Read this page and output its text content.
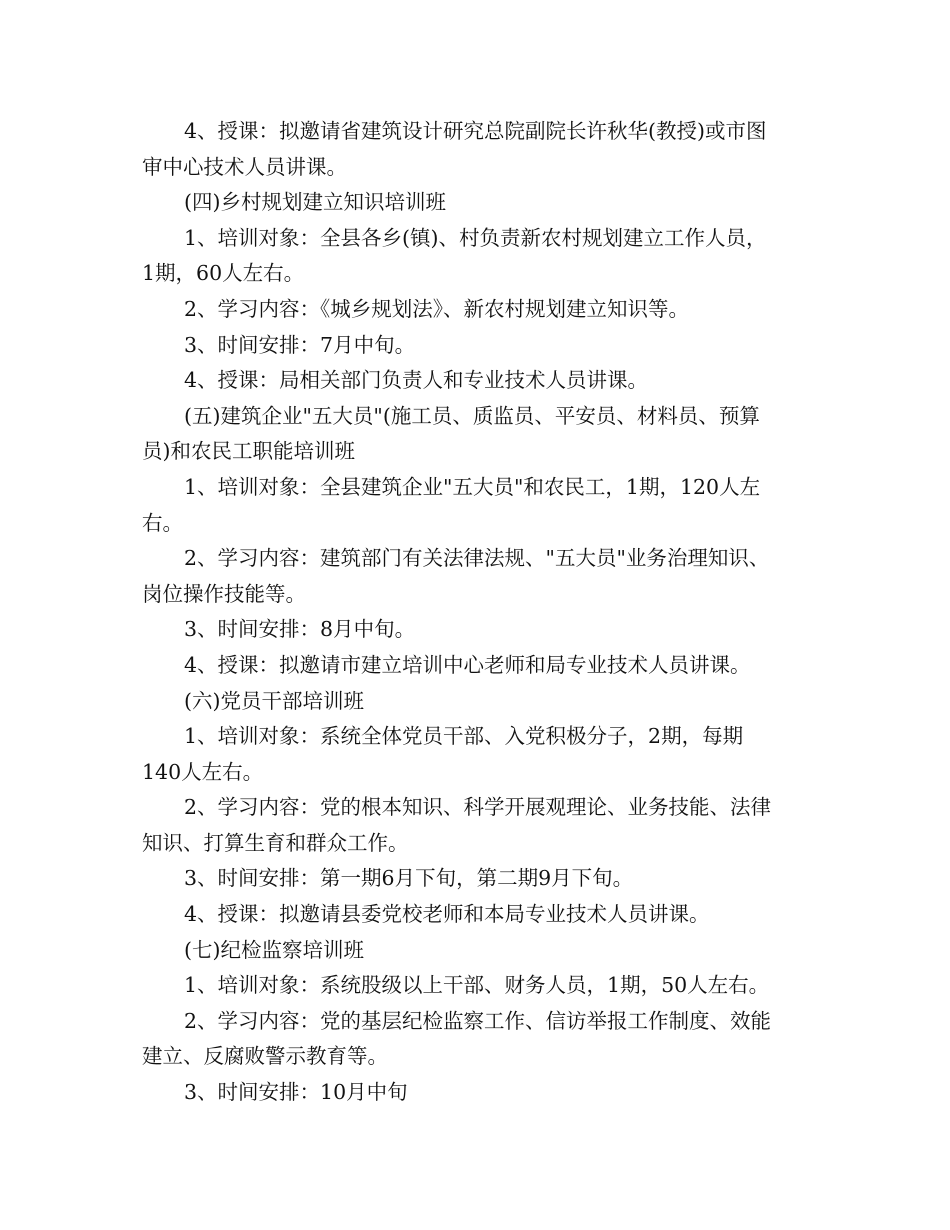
4、授课：拟邀请省建筑设计研究总院副院长许秋华(教授)或市图
审中心技术人员讲课。
(四)乡村规划建立知识培训班
1、培训对象：全县各乡(镇)、村负责新农村规划建立工作人员，
1期，60人左右。
2、学习内容：《城乡规划法》、新农村规划建立知识等。
3、时间安排：7月中旬。
4、授课：局相关部门负责人和专业技术人员讲课。
(五)建筑企业"五大员"(施工员、质监员、平安员、材料员、预算
员)和农民工职能培训班
1、培训对象：全县建筑企业"五大员"和农民工，1期，120人左
右。
2、学习内容：建筑部门有关法律法规、"五大员"业务治理知识、
岗位操作技能等。
3、时间安排：8月中旬。
4、授课：拟邀请市建立培训中心老师和局专业技术人员讲课。
(六)党员干部培训班
1、培训对象：系统全体党员干部、入党积极分子，2期，每期
140人左右。
2、学习内容：党的根本知识、科学开展观理论、业务技能、法律
知识、打算生育和群众工作。
3、时间安排：第一期6月下旬，第二期9月下旬。
4、授课：拟邀请县委党校老师和本局专业技术人员讲课。
(七)纪检监察培训班
1、培训对象：系统股级以上干部、财务人员，1期，50人左右。
2、学习内容：党的基层纪检监察工作、信访举报工作制度、效能
建立、反腐败警示教育等。
3、时间安排：10月中旬
